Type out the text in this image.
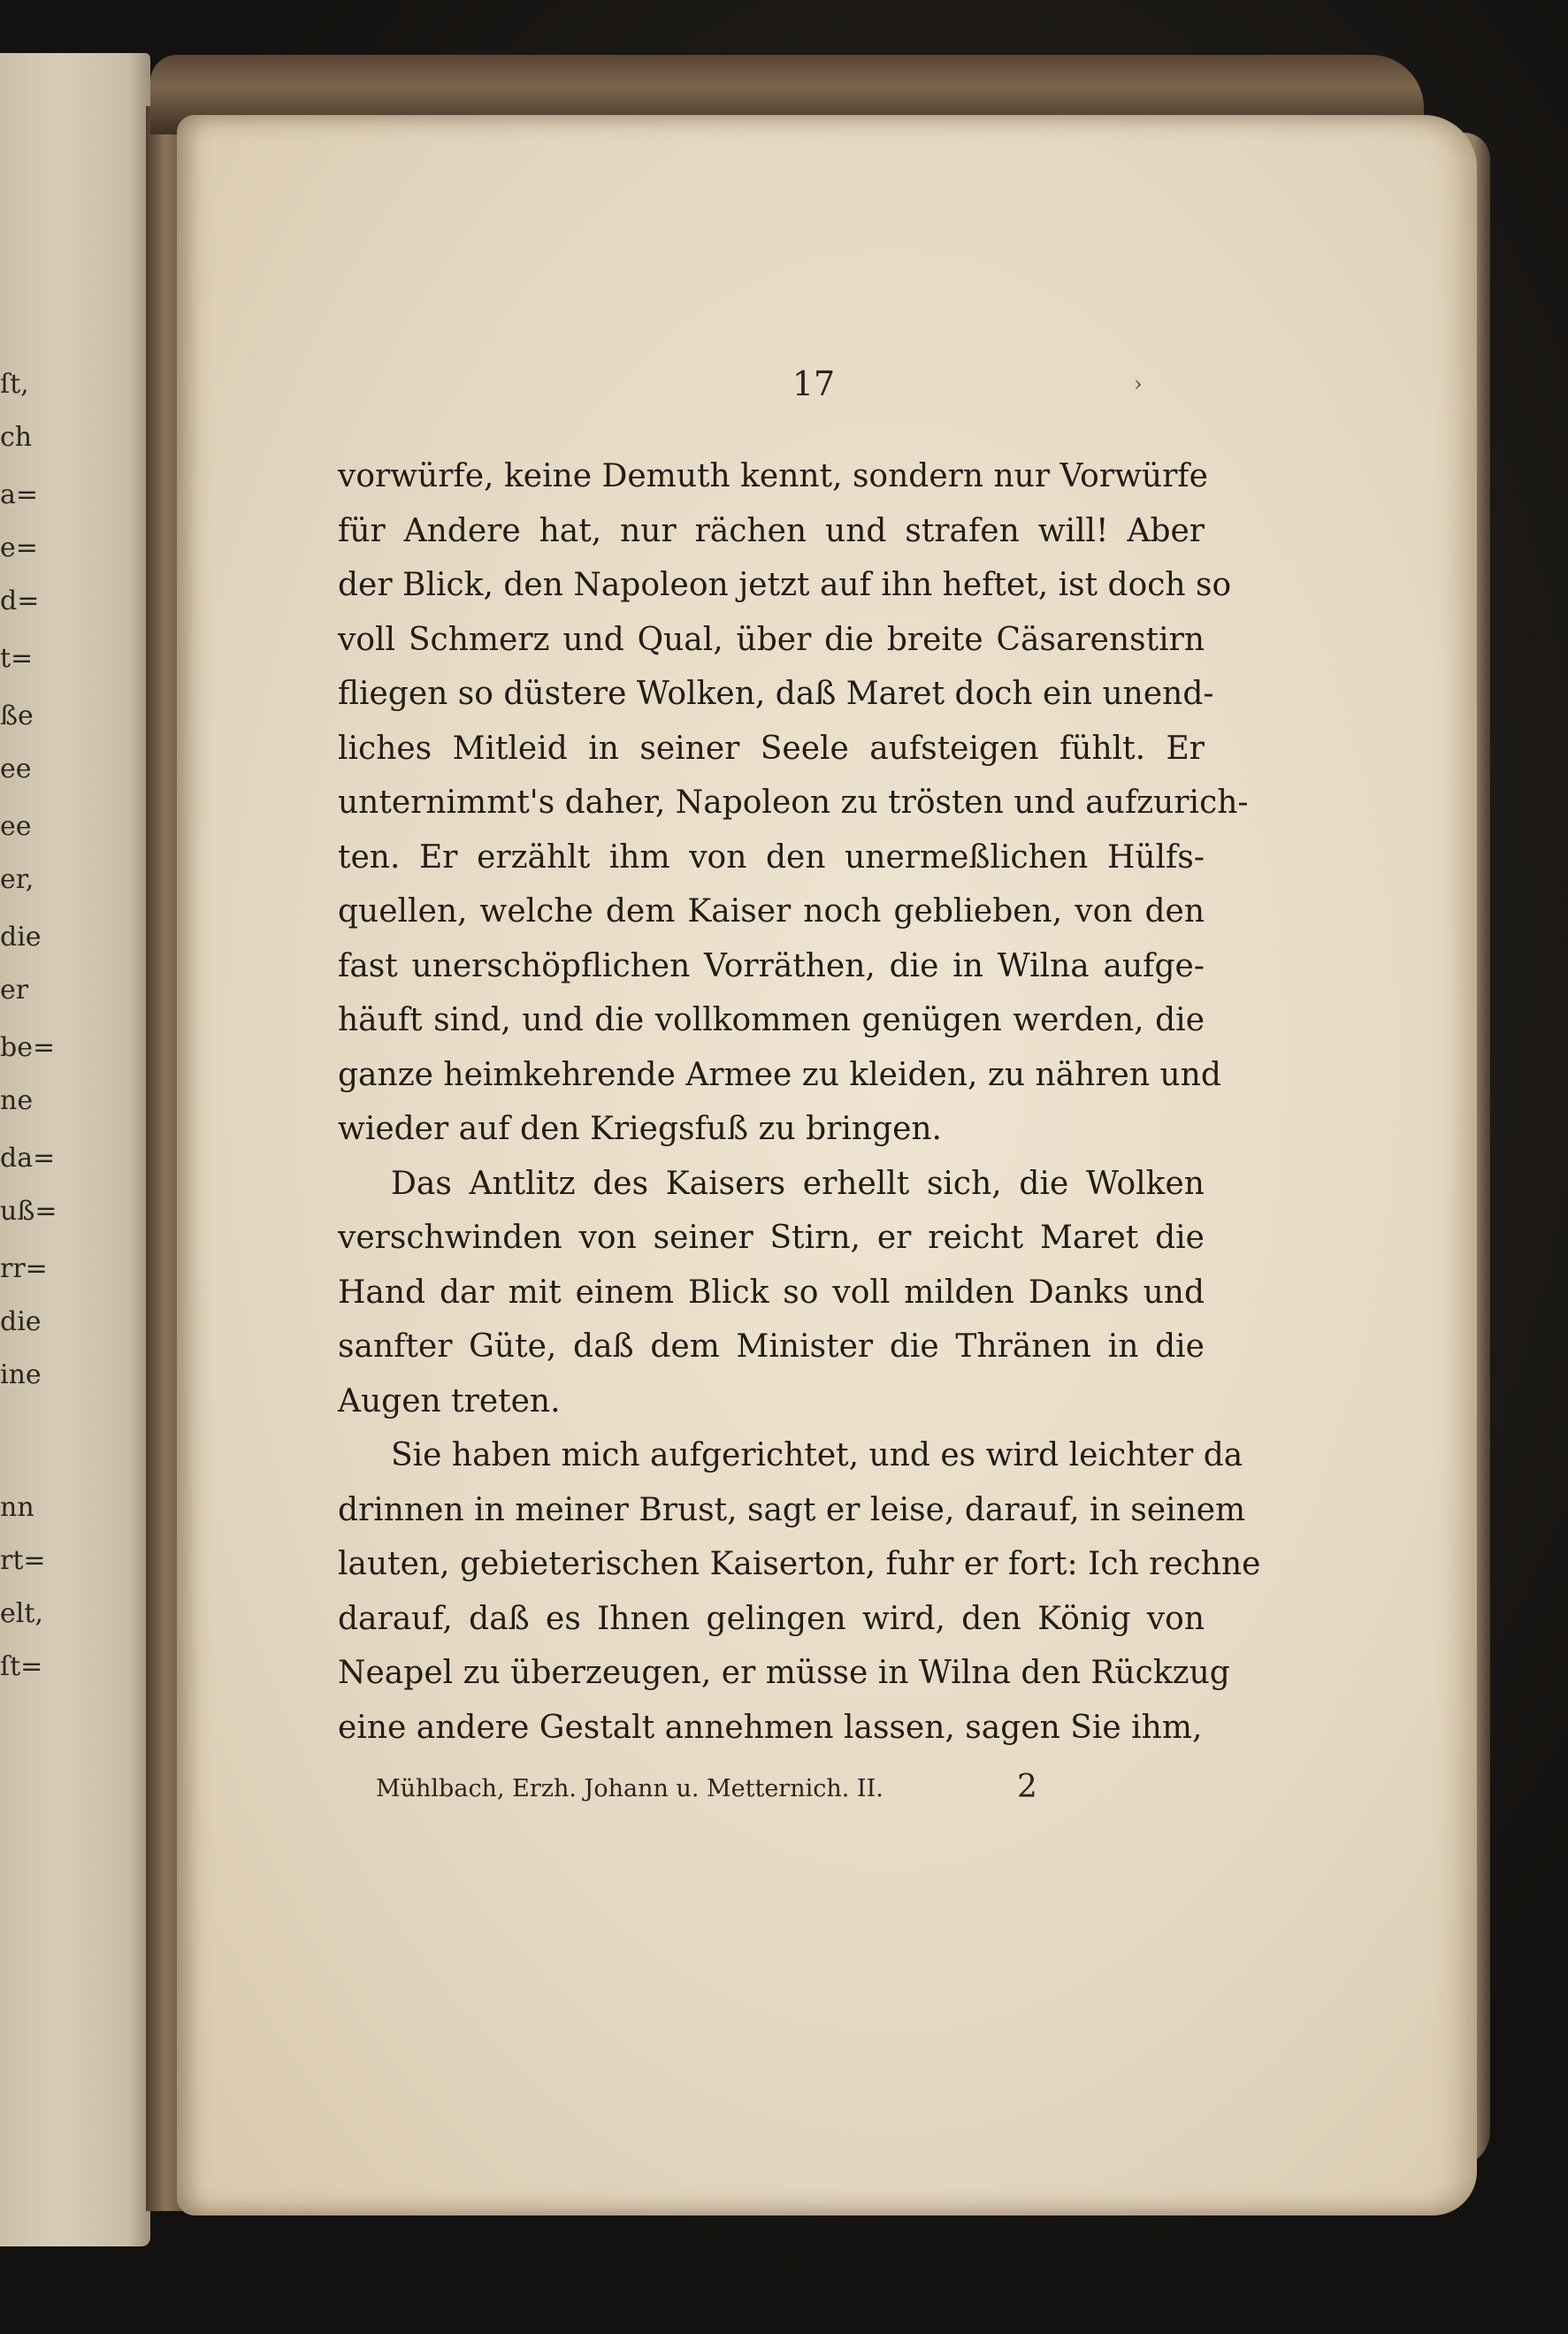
ſt,
ch
a=
e=
d=
t=
ße
ee
ee
er,
die
er
be=
ne
da=
uß=
rr=
die
ine
nn
rt=
elt,
ſt=
17	›
vorwürfe, keine Demuth kennt, sondern nur Vorwürfe
für Andere hat, nur rächen und strafen will! Aber
der Blick, den Napoleon jetzt auf ihn heftet, ist doch so
voll Schmerz und Qual, über die breite Cäsarenstirn
fliegen so düstere Wolken, daß Maret doch ein unend-
liches Mitleid in seiner Seele aufsteigen fühlt. Er
unternimmt's daher, Napoleon zu trösten und aufzurich-
ten. Er erzählt ihm von den unermeßlichen Hülfs-
quellen, welche dem Kaiser noch geblieben, von den
fast unerschöpflichen Vorräthen, die in Wilna aufge-
häuft sind, und die vollkommen genügen werden, die
ganze heimkehrende Armee zu kleiden, zu nähren und
wieder auf den Kriegsfuß zu bringen.
Das Antlitz des Kaisers erhellt sich, die Wolken
verschwinden von seiner Stirn, er reicht Maret die
Hand dar mit einem Blick so voll milden Danks und
sanfter Güte, daß dem Minister die Thränen in die
Augen treten.
Sie haben mich aufgerichtet, und es wird leichter da
drinnen in meiner Brust, sagt er leise, darauf, in seinem
lauten, gebieterischen Kaiserton, fuhr er fort: Ich rechne
darauf, daß es Ihnen gelingen wird, den König von
Neapel zu überzeugen, er müsse in Wilna den Rückzug
eine andere Gestalt annehmen lassen, sagen Sie ihm,
Mühlbach, Erzh. Johann u. Metternich. II.	2
